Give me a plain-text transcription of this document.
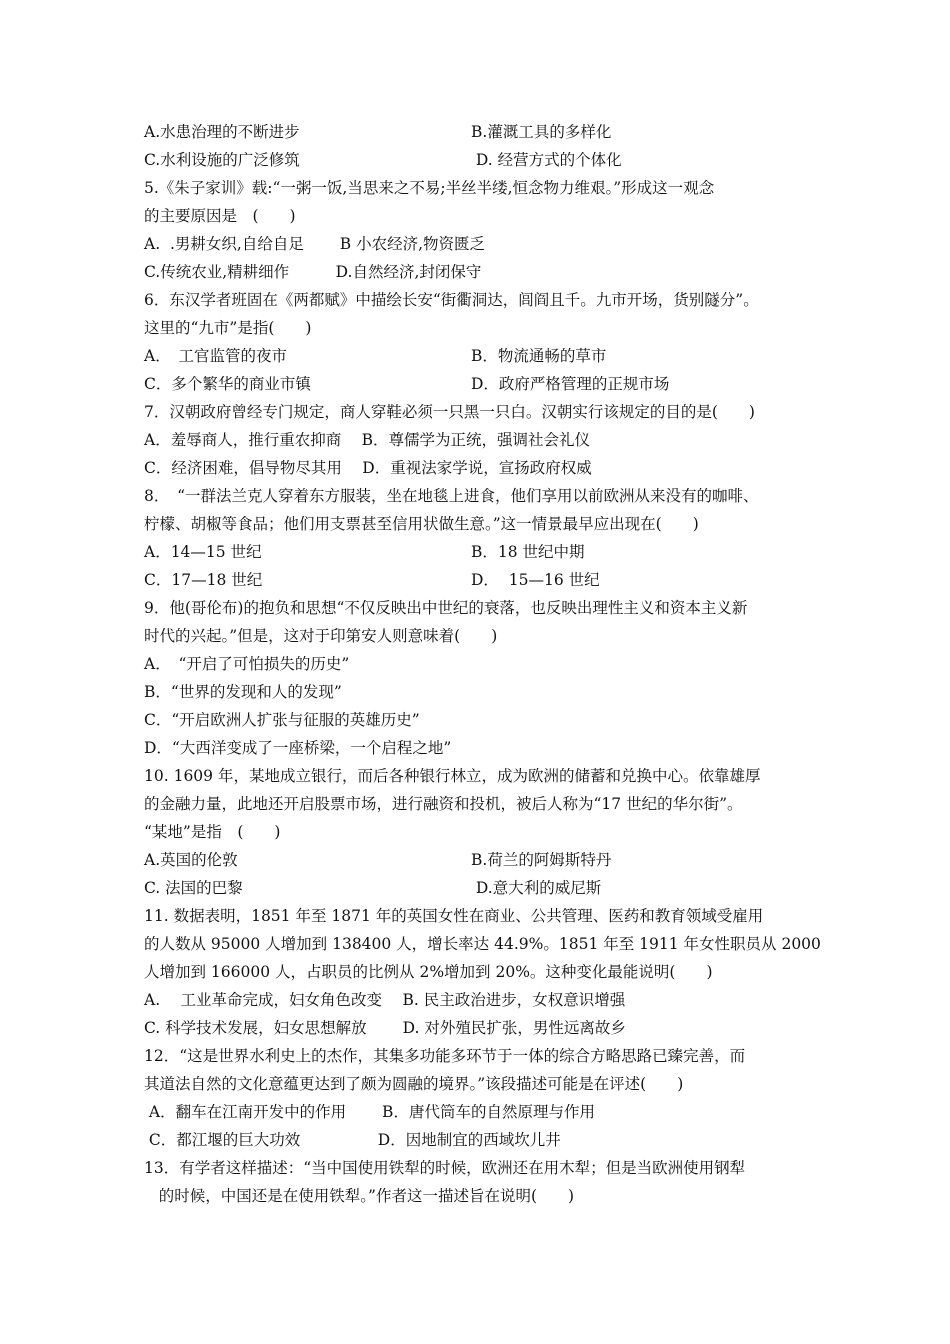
A.水患治理的不断进步	B.灌溉工具的多样化
C.水利设施的广泛修筑	D. 经营方式的个体化
5.《朱子家训》载:“一粥一饭,当思来之不易;半丝半缕,恒念物力维艰。”形成这一观念
的主要原因是　(　　)
A.  .男耕女织,自给自足　　 B 小农经济,物资匮乏
C.传统农业,精耕细作　　　D.自然经济,封闭保守
6．东汉学者班固在《两都赋》中描绘长安“街衢洞达，闾阎且千。九市开场，货别隧分”。
这里的“九市”是指(　　)
A．　工官监管的夜市	B．物流通畅的草市
C．多个繁华的商业市镇	D．政府严格管理的正规市场
7．汉朝政府曾经专门规定，商人穿鞋必须一只黑一只白。汉朝实行该规定的目的是(　　)
A．羞辱商人，推行重农抑商　 B．尊儒学为正统，强调社会礼仪
C．经济困难，倡导物尽其用　 D．重视法家学说，宣扬政府权威
8．　“一群法兰克人穿着东方服装，坐在地毯上进食，他们享用以前欧洲从来没有的咖啡、
柠檬、胡椒等食品；他们用支票甚至信用状做生意。”这一情景最早应出现在(　　)
A．14—15 世纪	B．18 世纪中期
C．17—18 世纪	D．  15—16 世纪
9．他(哥伦布)的抱负和思想“不仅反映出中世纪的衰落，也反映出理性主义和资本主义新
时代的兴起。”但是，这对于印第安人则意味着(　　)
A．　“开启了可怕损失的历史”
B．“世界的发现和人的发现”
C．“开启欧洲人扩张与征服的英雄历史”
D．“大西洋变成了一座桥梁，一个启程之地”
10. 1609 年，某地成立银行，而后各种银行林立，成为欧洲的储蓄和兑换中心。依靠雄厚
的金融力量，此地还开启股票市场，进行融资和投机，被后人称为“17 世纪的华尔街”。
“某地”是指　(　　)
A.英国的伦敦	B.荷兰的阿姆斯特丹
C. 法国的巴黎	D.意大利的威尼斯
11. 数据表明，1851 年至 1871 年的英国女性在商业、公共管理、医药和教育领域受雇用
的人数从 95000 人增加到 138400 人，增长率达 44.9%。1851 年至 1911 年女性职员从 2000
人增加到 166000 人，占职员的比例从 2%增加到 20%。这种变化最能说明(　　)
A.　 工业革命完成，妇女角色改变　 B. 民主政治进步，女权意识增强
C. 科学技术发展，妇女思想解放　　 D. 对外殖民扩张，男性远离故乡
12．“这是世界水利史上的杰作，其集多功能多环节于一体的综合方略思路已臻完善，而
其道法自然的文化意蕴更达到了颇为圆融的境界。”该段描述可能是在评述(　　)
A．翻车在江南开发中的作用　　 B．唐代筒车的自然原理与作用
C．都江堰的巨大功效　　　　　D．因地制宜的西域坎儿井
13．有学者这样描述：“当中国使用铁犁的时候，欧洲还在用木犁；但是当欧洲使用钢犁
的时候，中国还是在使用铁犁。”作者这一描述旨在说明(　　)
